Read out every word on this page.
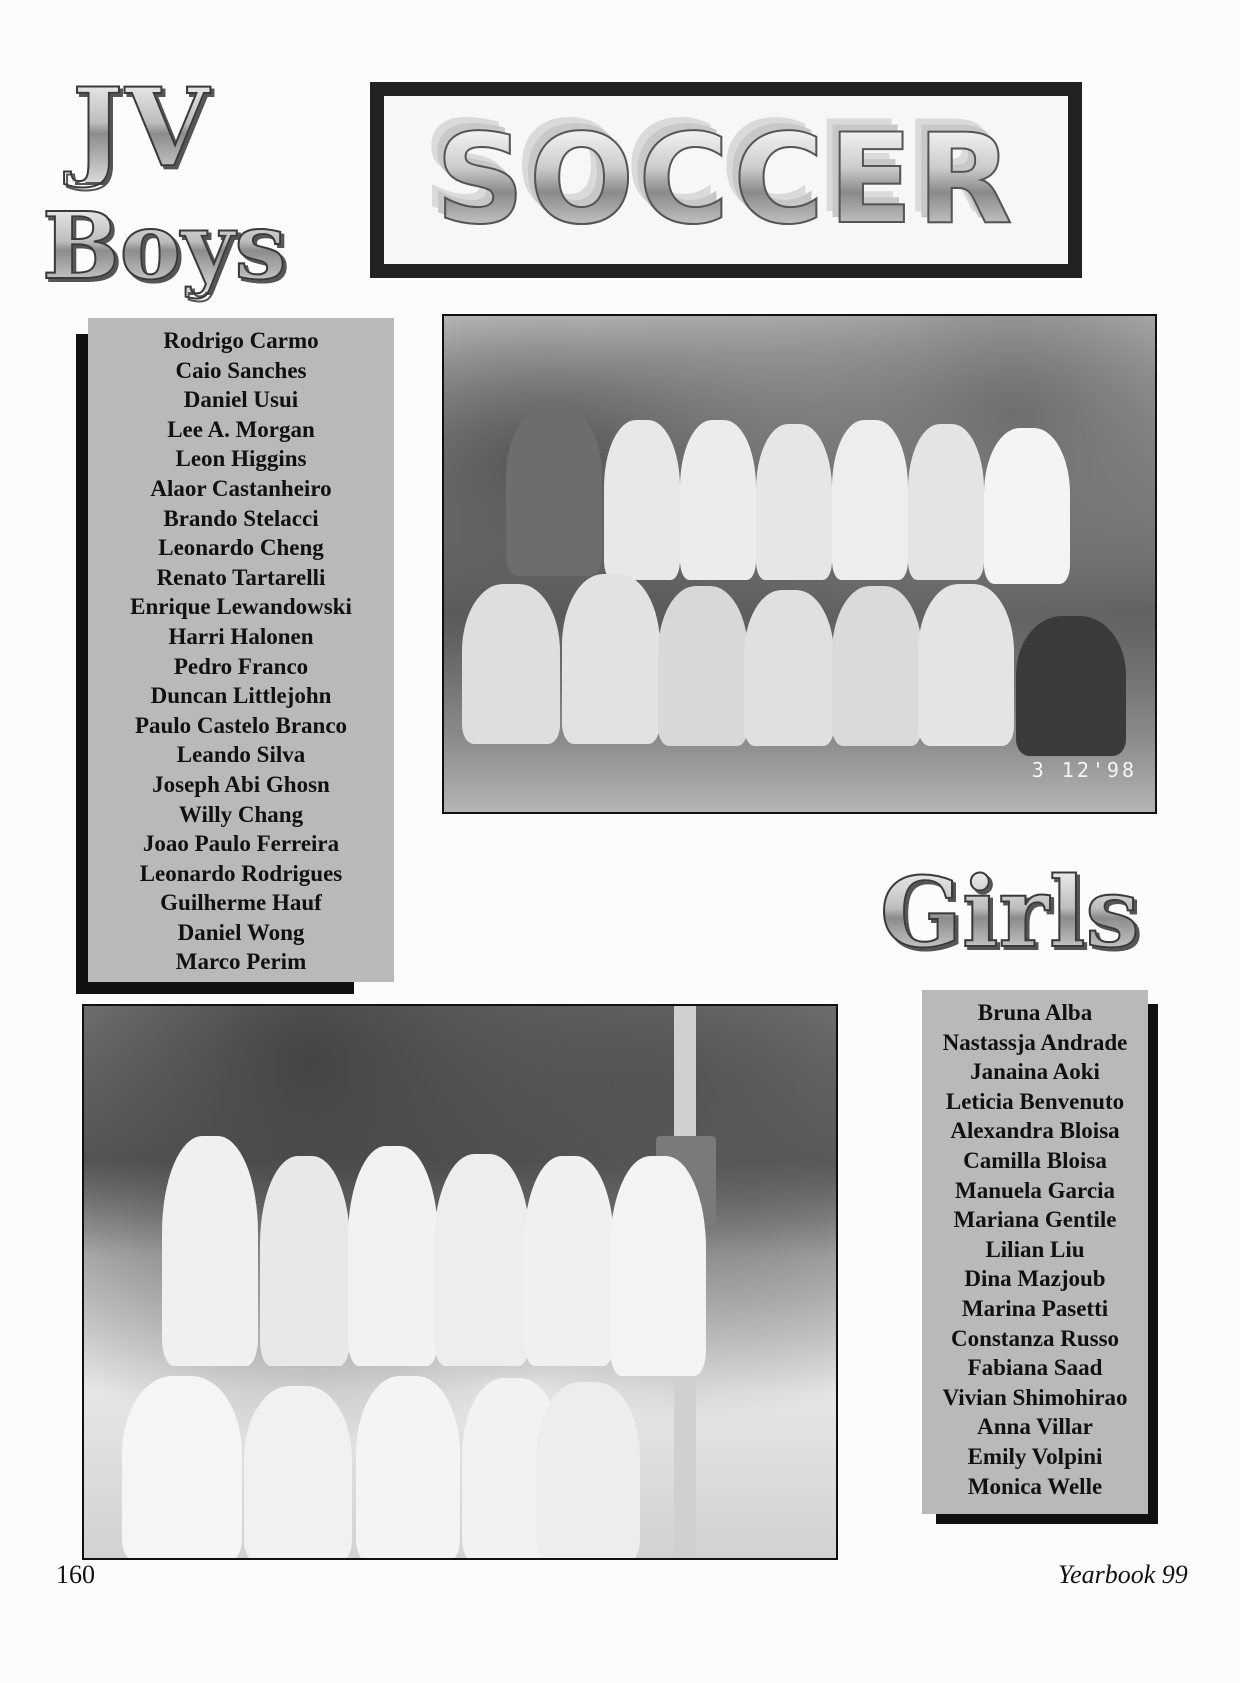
JV
Boys SOCCER
Rodrigo Carmo
Caio Sanches
Daniel Usui
Lee A. Morgan
Leon Higgins
Alaor Castanheiro
Brando Stelacci
Leonardo Cheng
Renato Tartarelli
Enrique Lewandowski
Harri Halonen
Pedro Franco
Duncan Littlejohn
Paulo Castelo Branco
Leando Silva
Joseph Abi Ghosn
Willy Chang
Joao Paulo Ferreira
Leonardo Rodrigues
Guilherme Hauf
Daniel Wong
Marco Perim
3 12'98
Girls
Bruna Alba
Nastassja Andrade
Janaina Aoki
Leticia Benvenuto
Alexandra Bloisa
Camilla Bloisa
Manuela Garcia
Mariana Gentile
Lilian Liu
Dina Mazjoub
Marina Pasetti
Constanza Russo
Fabiana Saad
Vivian Shimohirao
Anna Villar
Emily Volpini
Monica Welle
160	Yearbook 99
